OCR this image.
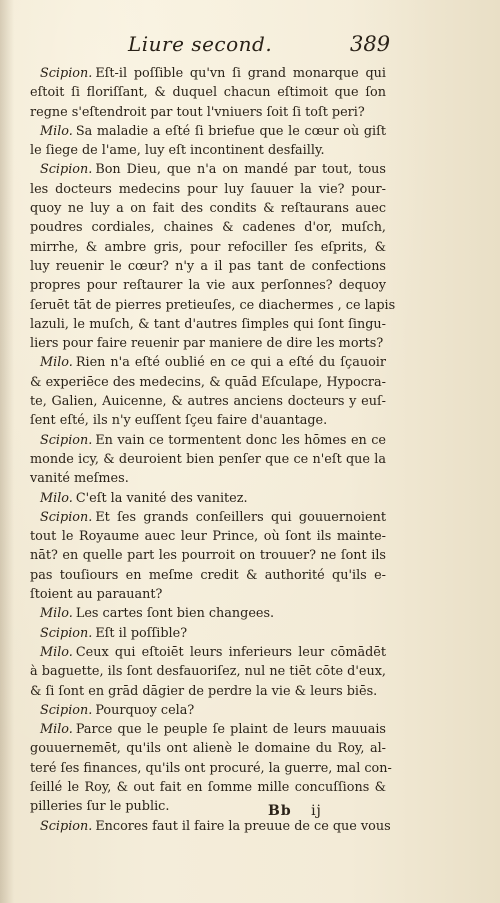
Liure second.	389
Scipion. Eſt-il poſſible qu'vn ſi grand monarque qui
eſtoit ſi floriſſant, & duquel chacun eſtimoit que ſon
regne s'eſtendroit par tout l'vniuers ſoit ſi toſt peri?
Milo. Sa maladie a eſté ſi briefue que le cœur où giſt
le ſiege de l'ame, luy eſt incontinent desfailly.
Scipion. Bon Dieu, que n'a on mandé par tout, tous
les docteurs medecins pour luy ſauuer la vie? pour-
quoy ne luy a on fait des condits & reſtaurans auec
poudres cordiales, chaines & cadenes d'or, muſch,
mirrhe, & ambre gris, pour refociller ſes eſprits, &
luy reuenir le cœur? n'y a il pas tant de confections
propres pour reſtaurer la vie aux perſonnes? dequoy
ſeruēt tāt de pierres pretieuſes, ce diachermes , ce lapis
lazuli, le muſch, & tant d'autres ſimples qui ſont ſingu-
liers pour faire reuenir par maniere de dire les morts?
Milo. Rien n'a eſté oublié en ce qui a eſté du ſçauoir
& experiēce des medecins, & quād Eſculape, Hypocra-
te, Galien, Auicenne, & autres anciens docteurs y euſ-
ſent eſté, ils n'y euſſent ſçeu faire d'auantage.
Scipion. En vain ce tormentent donc les hōmes en ce
monde icy, & deuroient bien penſer que ce n'eſt que la
vanité meſmes.
Milo. C'eſt la vanité des vanitez.
Scipion. Et ſes grands conſeillers qui gouuernoient
tout le Royaume auec leur Prince, où ſont ils mainte-
nāt? en quelle part les pourroit on trouuer? ne ſont ils
pas touſiours en meſme credit & authorité qu'ils e-
ſtoient au parauant?
Milo. Les cartes ſont bien changees.
Scipion. Eſt il poſſible?
Milo. Ceux qui eſtoiēt leurs inferieurs leur cōmādēt
à baguette, ils ſont desfauoriſez, nul ne tiēt cōte d'eux,
& ſi ſont en grād dāgier de perdre la vie & leurs biēs.
Scipion. Pourquoy cela?
Milo. Parce que le peuple ſe plaint de leurs mauuais
gouuernemēt, qu'ils ont alienè le domaine du Roy, al-
teré ſes finances, qu'ils ont procuré, la guerre, mal con-
ſeillé le Roy, & out fait en ſomme mille concuſſions &
pilleries ſur le public.
Scipion. Encores faut il faire la preuue de ce que vous
Bb ij
